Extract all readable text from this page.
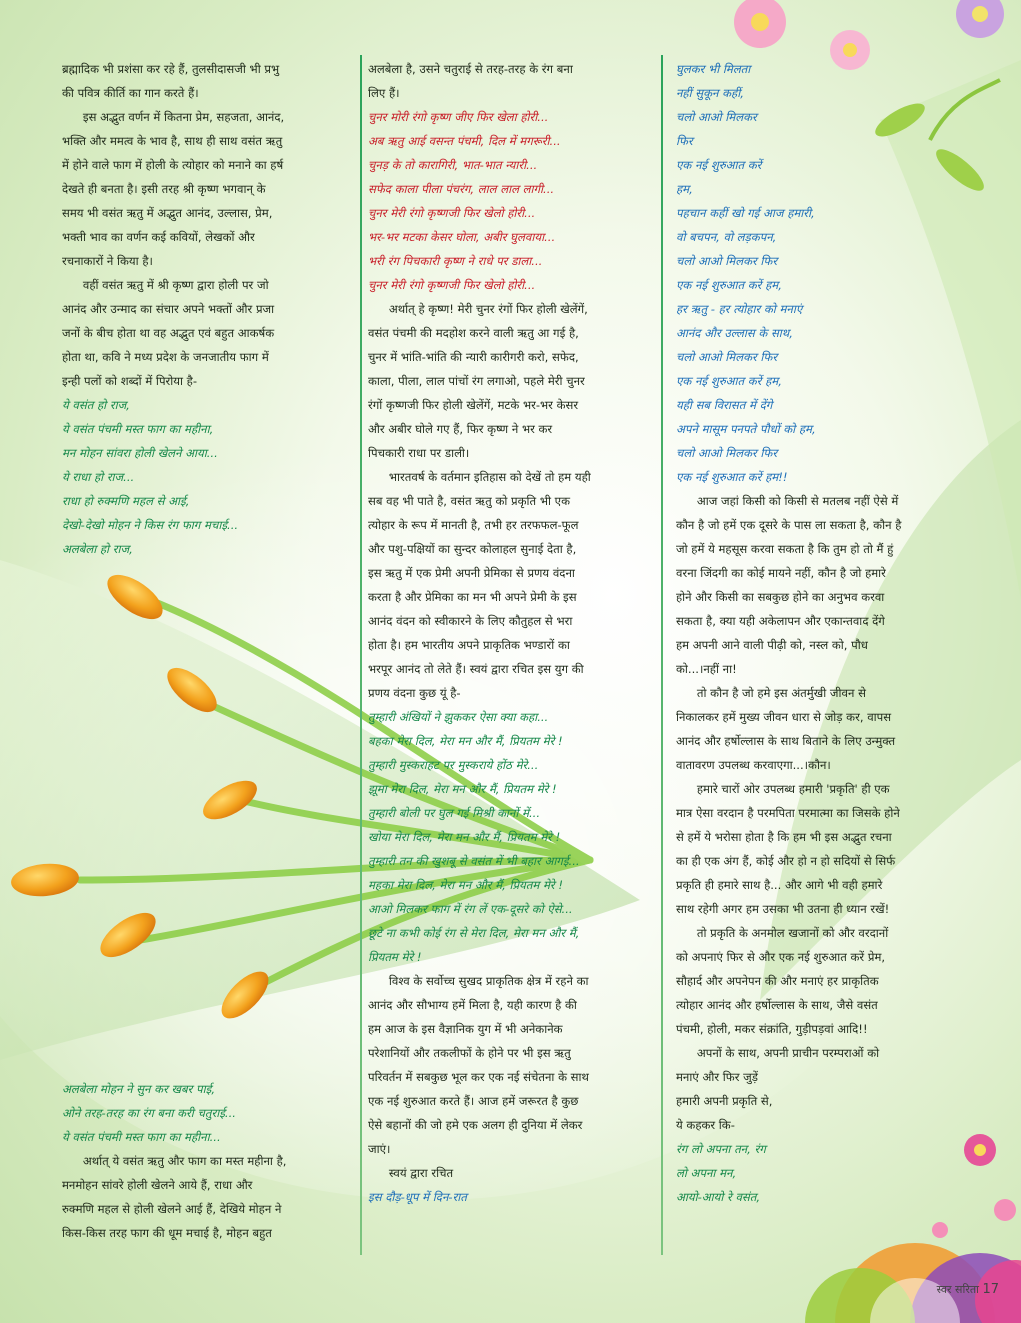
ब्रह्मादिक भी प्रशंसा कर रहे हैं, तुलसीदासजी भी प्रभु

की पवित्र कीर्ति का गान करते हैं।

इस अद्भुत वर्णन में कितना प्रेम, सहजता, आनंद,

भक्ति और ममत्व के भाव है, साथ ही साथ वसंत ऋतु

में होने वाले फाग में होली के त्योहार को मनाने का हर्ष

देखते ही बनता है। इसी तरह श्री कृष्ण भगवान् के

समय भी वसंत ऋतु में अद्भुत आनंद, उल्लास, प्रेम,

भक्ती भाव का वर्णन कई कवियों, लेखकों और

रचनाकारों ने किया है।

वहीं वसंत ऋतु में श्री कृष्ण द्वारा होली पर जो

आनंद और उन्माद का संचार अपने भक्तों और प्रजा

जनों के बीच होता था वह अद्भुत एवं बहुत आकर्षक

होता था, कवि ने मध्य प्रदेश के जनजातीय फाग में

इन्ही पलों को शब्दों में पिरोया है-

ये वसंत हो राज,
ये वसंत पंचमी मस्त फाग का महीना,
मन मोहन सांवरा होली खेलने आया...
ये राधा हो राज...
राधा हो रुक्मणि महल से आई,
देखो-देखो मोहन ने किस रंग फाग मचाई...
अलबेला हो राज,
अलबेला मोहन ने सुन कर खबर पाई,
ओने तरह-तरह का रंग बना करी चतुराई...
ये वसंत पंचमी मस्त फाग का महीना...

अर्थात् ये वसंत ऋतु और फाग का मस्त महीना है,

मनमोहन सांवरे होली खेलने आये हैं, राधा और

रुक्मणि महल से होली खेलने आई हैं, देखिये मोहन ने

किस-किस तरह फाग की धूम मचाई है, मोहन बहुत

अलबेला है, उसने चतुराई से तरह-तरह के रंग बना

लिए हैं।

चुनर मोरी रंगो कृष्ण जीए फिर खेला होरी...
अब ऋतु आई वसन्त पंचमी, दिल में मगरूरी...
चुनड़ के तो कारागिरी, भात-भात न्यारी...
सफेद काला पीला पंचरंग, लाल लाल लागी...
चुनर मेरी रंगो कृष्णजी फिर खेलो होरी...
भर-भर मटका केसर घोला, अबीर घुलवाया...
भरी रंग पिचकारी कृष्ण ने राधे पर डाला...
चुनर मेरी रंगो कृष्णजी फिर खेलो होरी...

अर्थात् हे कृष्ण! मेरी चुनर रंगों फिर होली खेलेंगें,

वसंत पंचमी की मदहोश करने वाली ऋतु आ गई है,

चुनर में भांति-भांति की न्यारी कारीगरी करो, सफेद,

काला, पीला, लाल पांचों रंग लगाओ, पहले मेरी चुनर

रंगों कृष्णजी फिर होली खेलेंगें, मटके भर-भर केसर

और अबीर घोले गए हैं, फिर कृष्ण ने भर कर

पिचकारी राधा पर डाली।

भारतवर्ष के वर्तमान इतिहास को देखें तो हम यही

सब वह भी पाते है, वसंत ऋतु को प्रकृति भी एक

त्योहार के रूप में मानती है, तभी हर तरफफल-फूल

और पशु-पक्षियों का सुन्दर कोलाहल सुनाई देता है,

इस ऋतु में एक प्रेमी अपनी प्रेमिका से प्रणय वंदना

करता है और प्रेमिका का मन भी अपने प्रेमी के इस

आनंद वंदन को स्वीकारने के लिए कौतुहल से भरा

होता है। हम भारतीय अपने प्राकृतिक भण्डारों का

भरपूर आनंद तो लेते हैं। स्वयं द्वारा रचित इस युग की

प्रणय वंदना कुछ यूं है-

तुम्हारी अंखियों ने झुककर ऐसा क्या कहा...
बहका मेरा दिल, मेरा मन और मैं, प्रियतम मेरे !
तुम्हारी मुस्कराहट पर मुस्कराये होंठ मेरे...
झूमा मेरा दिल, मेरा मन और मैं, प्रियतम मेरे !
तुम्हारी बोली पर घुल गई मिश्री कानों में...
खोया मेरा दिल, मेरा मन और मैं, प्रियतम मेरे !
तुम्हारी तन की खुशबू से वसंत में भी बहार आगई...
महका मेरा दिल, मेरा मन और मैं, प्रियतम मेरे !
आओ मिलकर फाग में रंग लें एक-दूसरे को ऐसे...
छूटे ना कभी कोई रंग से मेरा दिल, मेरा मन और मैं,
प्रियतम मेरे !

विश्व के सर्वोच्च सुखद प्राकृतिक क्षेत्र में रहने का

आनंद और सौभाग्य हमें मिला है, यही कारण है की

हम आज के इस वैज्ञानिक युग में भी अनेकानेक

परेशानियों और तकलीफों के होने पर भी इस ऋतु

परिवर्तन में सबकुछ भूल कर एक नई संचेतना के साथ

एक नई शुरुआत करते हैं। आज हमें जरूरत है कुछ

ऐसे बहानों की जो हमे एक अलग ही दुनिया में लेकर

जाएं।

स्वयं द्वारा रचित

इस दौड़-धूप में दिन-रात
घुलकर भी मिलता
नहीं सुकून कहीं,
चलो आओ मिलकर
फिर
एक नई शुरुआत करें
हम,
पहचान कहीं खो गई आज हमारी,
वो बचपन, वो लड़कपन,
चलो आओ मिलकर फिर
एक नई शुरुआत करें हम,
हर ऋतु - हर त्योहार को मनाएं
आनंद और उल्लास के साथ,
चलो आओ मिलकर फिर
एक नई शुरुआत करें हम,
यही सब विरासत में देंगे
अपने मासूम पनपते पौधों को हम,
चलो आओ मिलकर फिर
एक नई शुरुआत करें हम!!

आज जहां किसी को किसी से मतलब नहीं ऐसे में

कौन है जो हमें एक दूसरे के पास ला सकता है, कौन है

जो हमें ये महसूस करवा सकता है कि तुम हो तो मैं हुं

वरना जिंदगी का कोई मायने नहीं, कौन है जो हमारे

होने और किसी का सबकुछ होने का अनुभव करवा

सकता है, क्या यही अकेलापन और एकान्तवाद देंगे

हम अपनी आने वाली पीढ़ी को, नस्ल को, पौध

को...।नहीं ना!

तो कौन है जो हमे इस अंतर्मुखी जीवन से

निकालकर हमें मुख्य जीवन धारा से जोड़ कर, वापस

आनंद और हर्षोल्लास के साथ बिताने के लिए उन्मुक्त

वातावरण उपलब्ध करवाएगा...।कौन।

हमारे चारों ओर उपलब्ध हमारी 'प्रकृति' ही एक

मात्र ऐसा वरदान है परमपिता परमात्मा का जिसके होने

से हमें ये भरोसा होता है कि हम भी इस अद्भुत रचना

का ही एक अंग हैं, कोई और हो न हो सदियों से सिर्फ

प्रकृति ही हमारे साथ है... और आगे भी वही हमारे

साथ रहेगी अगर हम उसका भी उतना ही ध्यान रखें!

तो प्रकृति के अनमोल खजानों को और वरदानों

को अपनाएं फिर से और एक नई शुरुआत करें प्रेम,

सौहार्द और अपनेपन की और मनाएं हर प्राकृतिक

त्योहार आनंद और हर्षोल्लास के साथ, जैसे वसंत

पंचमी, होली, मकर संक्रांति, गुड़ीपड़वां आदि!!

अपनों के साथ, अपनी प्राचीन परम्पराओं को

मनाएं और फिर जुड़ें

हमारी अपनी प्रकृति से,

ये कहकर कि-

रंग लो अपना तन, रंग
लो अपना मन,
आयो-आयो रे वसंत,
स्वर सरिता 17
